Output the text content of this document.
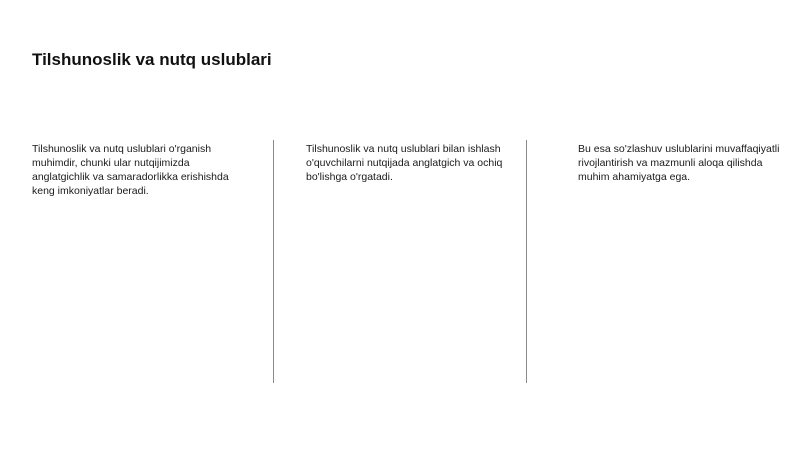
Tilshunoslik va nutq uslublari
Tilshunoslik va nutq uslublari o'rganish muhimdir, chunki ular nutqijimizda anglatgichlik va samaradorlikka erishishda keng imkoniyatlar beradi.
Tilshunoslik va nutq uslublari bilan ishlash o'quvchilarni nutqijada anglatgich va ochiq bo'lishga o'rgatadi.
Bu esa so'zlashuv uslublarini muvaffaqiyatli rivojlantirish va mazmunli aloqa qilishda muhim ahamiyatga ega.
